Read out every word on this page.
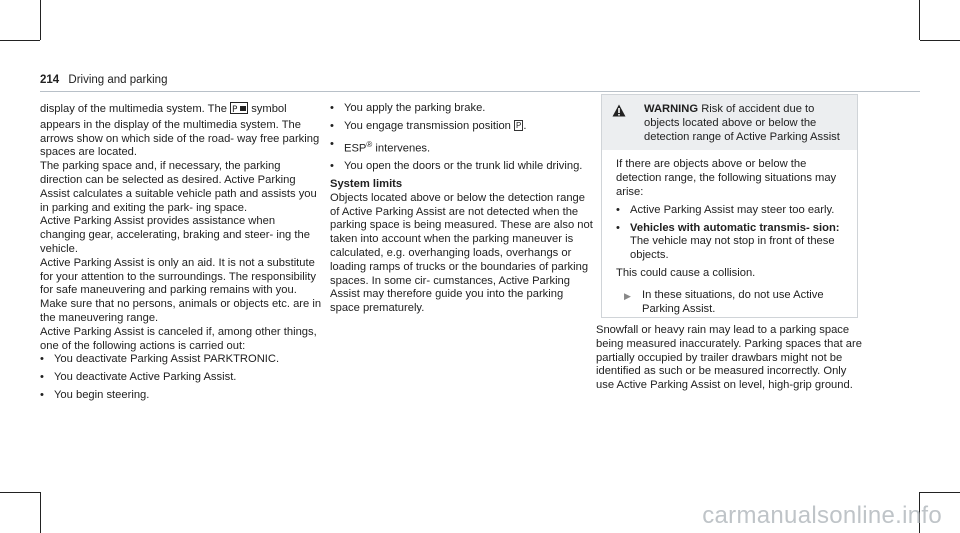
214 Driving and parking

display of the multimedia system. The P symbol appears in the display of the multimedia system. The arrows show on which side of the road- way free parking spaces are located.

The parking space and, if necessary, the parking direction can be selected as desired. Active Parking Assist calculates a suitable vehicle path and assists you in parking and exiting the park- ing space.

Active Parking Assist provides assistance when changing gear, accelerating, braking and steer- ing the vehicle.

Active Parking Assist is only an aid. It is not a substitute for your attention to the surroundings. The responsibility for safe maneuvering and parking remains with you. Make sure that no persons, animals or objects etc. are in the maneuvering range.

Active Parking Assist is canceled if, among other things, one of the following actions is carried out:

• You deactivate Parking Assist PARKTRONIC.
• You deactivate Active Parking Assist.
• You begin steering.
• You apply the parking brake.
• You engage transmission position P .
• ESP® intervenes.
• You open the doors or the trunk lid while driving.

System limits

Objects located above or below the detection range of Active Parking Assist are not detected when the parking space is being measured. These are also not taken into account when the parking maneuver is calculated, e.g. overhanging loads, overhangs or loading ramps of trucks or the boundaries of parking spaces. In some cir- cumstances, Active Parking Assist may therefore guide you into the parking space prematurely.

WARNING Risk of accident due to objects located above or below the detection range of Active Parking Assist

If there are objects above or below the detection range, the following situations may arise:

• Active Parking Assist may steer too early.
• Vehicles with automatic transmis- sion: The vehicle may not stop in front of these objects.

This could cause a collision.

▶ In these situations, do not use Active Parking Assist.
Snowfall or heavy rain may lead to a parking space being measured inaccurately. Parking spaces that are partially occupied by trailer drawbars might not be identified as such or be measured incorrectly. Only use Active Parking Assist on level, high-grip ground.
carmanualsonline.info
